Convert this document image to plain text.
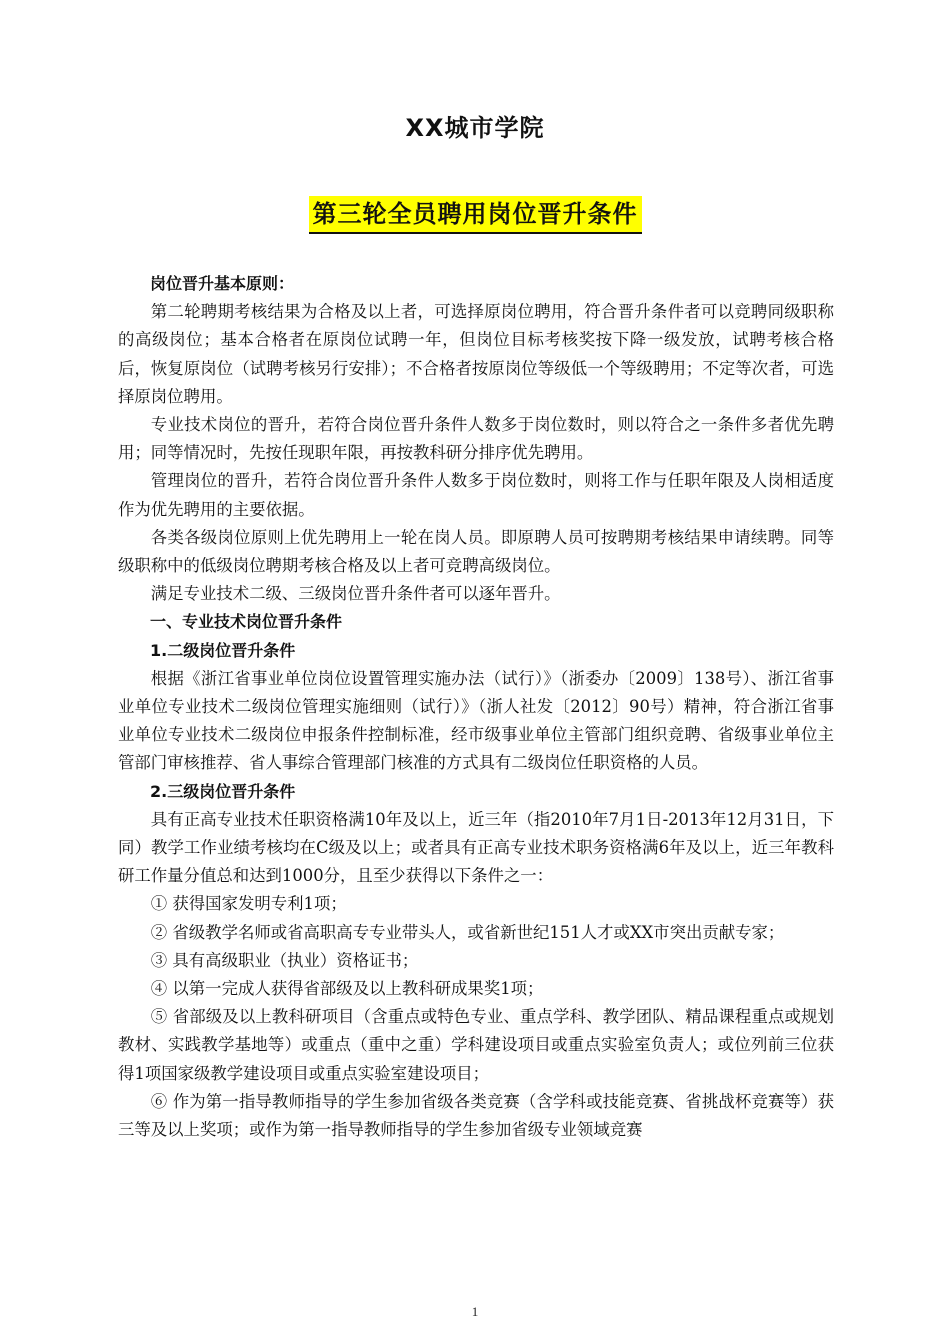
XX城市学院
第三轮全员聘用岗位晋升条件

岗位晋升基本原则：

第二轮聘期考核结果为合格及以上者，可选择原岗位聘用，符合晋升条件者可以竞聘同级职称的高级岗位；基本合格者在原岗位试聘一年，但岗位目标考核奖按下降一级发放，试聘考核合格后，恢复原岗位（试聘考核另行安排）；不合格者按原岗位等级低一个等级聘用；不定等次者，可选择原岗位聘用。

专业技术岗位的晋升，若符合岗位晋升条件人数多于岗位数时，则以符合之一条件多者优先聘用；同等情况时，先按任现职年限，再按教科研分排序优先聘用。

管理岗位的晋升，若符合岗位晋升条件人数多于岗位数时，则将工作与任职年限及人岗相适度作为优先聘用的主要依据。

各类各级岗位原则上优先聘用上一轮在岗人员。即原聘人员可按聘期考核结果申请续聘。同等级职称中的低级岗位聘期考核合格及以上者可竞聘高级岗位。

满足专业技术二级、三级岗位晋升条件者可以逐年晋升。

一、专业技术岗位晋升条件

1.二级岗位晋升条件

根据《浙江省事业单位岗位设置管理实施办法（试行）》（浙委办〔2009〕138号）、浙江省事业单位专业技术二级岗位管理实施细则（试行）》（浙人社发〔2012〕90号）精神，符合浙江省事业单位专业技术二级岗位申报条件控制标准，经市级事业单位主管部门组织竞聘、省级事业单位主管部门审核推荐、省人事综合管理部门核准的方式具有二级岗位任职资格的人员。

2.三级岗位晋升条件

具有正高专业技术任职资格满10年及以上，近三年（指2010年7月1日-2013年12月31日，下同）教学工作业绩考核均在C级及以上；或者具有正高专业技术职务资格满6年及以上，近三年教科研工作量分值总和达到1000分，且至少获得以下条件之一：

① 获得国家发明专利1项；

② 省级教学名师或省高职高专专业带头人，或省新世纪151人才或XX市突出贡献专家；

③ 具有高级职业（执业）资格证书；

④ 以第一完成人获得省部级及以上教科研成果奖1项；

⑤ 省部级及以上教科研项目（含重点或特色专业、重点学科、教学团队、精品课程重点或规划教材、实践教学基地等）或重点（重中之重）学科建设项目或重点实验室负责人；或位列前三位获得1项国家级教学建设项目或重点实验室建设项目；

⑥ 作为第一指导教师指导的学生参加省级各类竞赛（含学科或技能竞赛、省挑战杯竞赛等）获三等及以上奖项；或作为第一指导教师指导的学生参加省级专业领域竞赛

1
